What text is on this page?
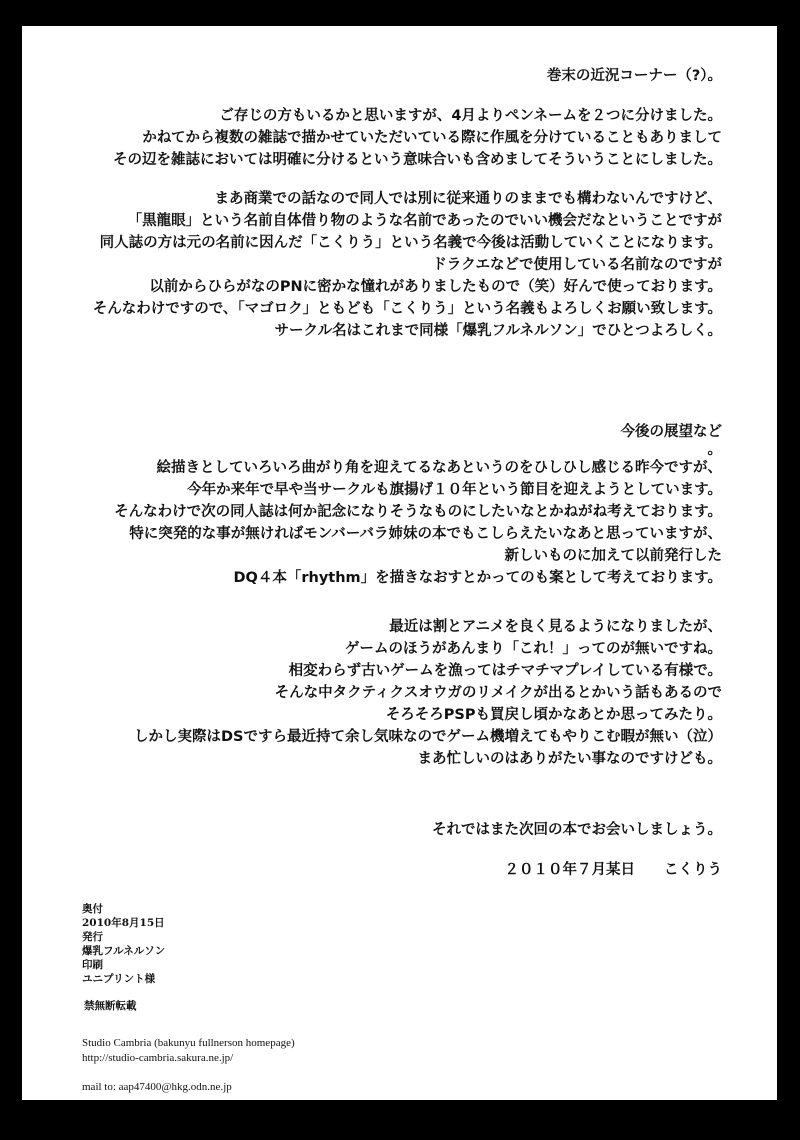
巻末の近況コーナー（?）。
ご存じの方もいるかと思いますが、4月よりペンネームを２つに分けました。
かねてから複数の雑誌で描かせていただいている際に作風を分けていることもありまして
その辺を雑誌においては明確に分けるという意味合いも含めましてそういうことにしました。
まあ商業での話なので同人では別に従来通りのままでも構わないんですけど、
「黒龍眼」という名前自体借り物のような名前であったのでいい機会だなということですが
同人誌の方は元の名前に因んだ「こくりう」という名義で今後は活動していくことになります。
ドラクエなどで使用している名前なのですが
以前からひらがなのPNに密かな憧れがありましたもので（笑）好んで使っております。
そんなわけですので、「マゴロク」ともども「こくりう」という名義もよろしくお願い致します。
サークル名はこれまで同様「爆乳フルネルソン」でひとつよろしく。
今後の展望など
。
絵描きとしていろいろ曲がり角を迎えてるなあというのをひしひし感じる昨今ですが、
今年か来年で早や当サークルも旗揚げ１０年という節目を迎えようとしています。
そんなわけで次の同人誌は何か記念になりそうなものにしたいなとかねがね考えております。
特に突発的な事が無ければモンバーバラ姉妹の本でもこしらえたいなあと思っていますが、
新しいものに加えて以前発行した
DQ４本「rhythm」を描きなおすとかってのも案として考えております。
最近は割とアニメを良く見るようになりましたが、
ゲームのほうがあんまり「これ！」ってのが無いですね。
相変わらず古いゲームを漁ってはチマチマプレイしている有様で。
そんな中タクティクスオウガのリメイクが出るとかいう話もあるので
そろそろPSPも買戻し頃かなあとか思ってみたり。
しかし実際はDSですら最近持て余し気味なのでゲーム機増えてもやりこむ暇が無い（泣）
まあ忙しいのはありがたい事なのですけども。
それではまた次回の本でお会いしましょう。
２０１０年７月某日　　こくりう
奥付
2010年8月15日
発行
爆乳フルネルソン
印刷
ユニプリント様
禁無断転載
Studio Cambria (bakunyu fullnerson homepage)
http://studio-cambria.sakura.ne.jp/
mail to: aap47400@hkg.odn.ne.jp
